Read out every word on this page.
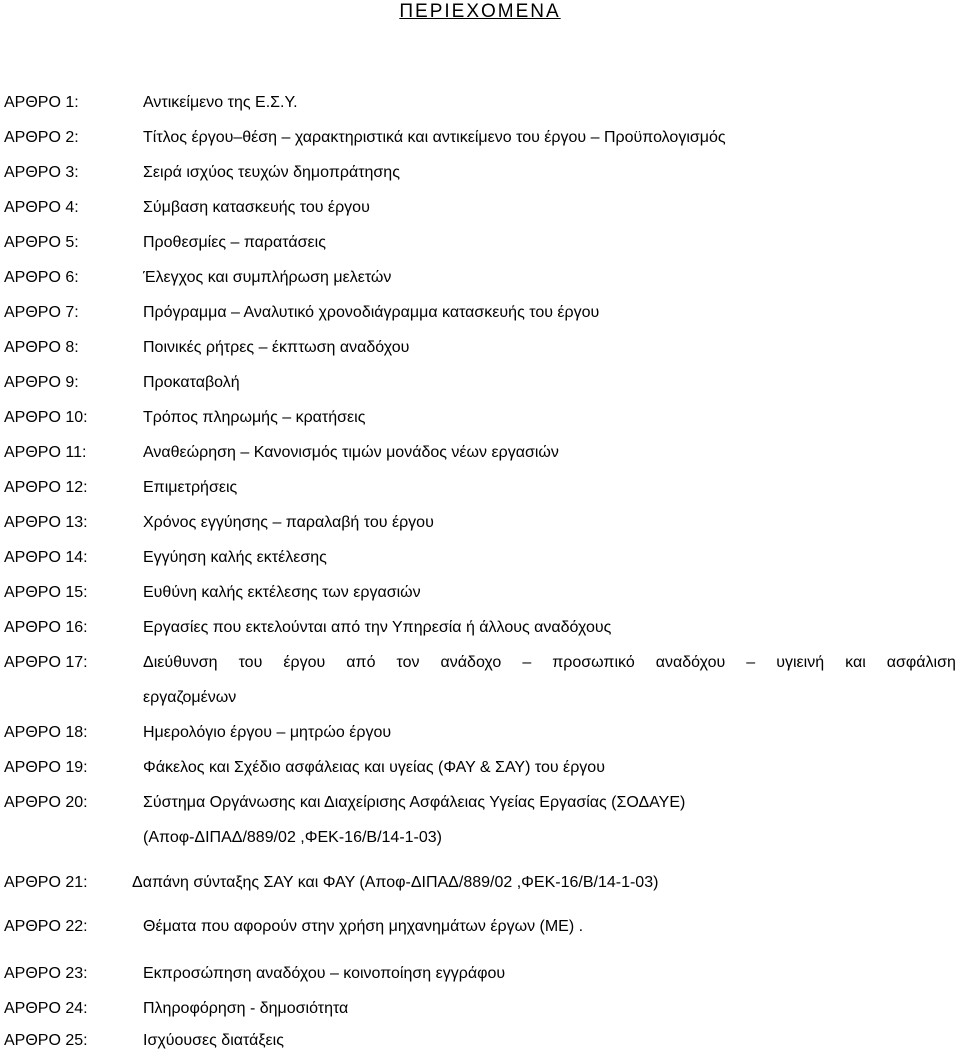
ΠΕΡΙΕΧΟΜΕΝΑ
ΑΡΘΡΟ 1:	Αντικείμενο της Ε.Σ.Υ.
ΑΡΘΡΟ 2:	Τίτλος έργου–θέση – χαρακτηριστικά και αντικείμενο του έργου – Προϋπολογισμός
ΑΡΘΡΟ 3:	Σειρά ισχύος τευχών δημοπράτησης
ΑΡΘΡΟ 4:	Σύμβαση κατασκευής του έργου
ΑΡΘΡΟ 5:	Προθεσμίες – παρατάσεις
ΑΡΘΡΟ 6:	Έλεγχος και συμπλήρωση μελετών
ΑΡΘΡΟ 7:	Πρόγραμμα – Αναλυτικό χρονοδιάγραμμα κατασκευής του έργου
ΑΡΘΡΟ 8:	Ποινικές ρήτρες – έκπτωση αναδόχου
ΑΡΘΡΟ 9:	Προκαταβολή
ΑΡΘΡΟ 10:	Τρόπος πληρωμής – κρατήσεις
ΑΡΘΡΟ 11:	Αναθεώρηση – Κανονισμός τιμών μονάδος νέων εργασιών
ΑΡΘΡΟ 12:	Επιμετρήσεις
ΑΡΘΡΟ 13:	Χρόνος εγγύησης – παραλαβή του έργου
ΑΡΘΡΟ 14:	Εγγύηση καλής εκτέλεσης
ΑΡΘΡΟ 15:	Ευθύνη καλής εκτέλεσης των εργασιών
ΑΡΘΡΟ 16:	Εργασίες που εκτελούνται από την Υπηρεσία ή άλλους αναδόχους
ΑΡΘΡΟ 17:	Διεύθυνση του έργου από τον ανάδοχο – προσωπικό αναδόχου – υγιεινή και ασφάλιση
εργαζομένων
ΑΡΘΡΟ 18:	Ημερολόγιο έργου – μητρώο έργου
ΑΡΘΡΟ 19:	Φάκελος και Σχέδιο ασφάλειας και υγείας (ΦΑΥ & ΣΑΥ) του έργου
ΑΡΘΡΟ 20:	Σύστημα Οργάνωσης και Διαχείρισης Ασφάλειας Υγείας Εργασίας (ΣΟΔΑΥΕ)
(Αποφ-ΔΙΠΑΔ/889/02 ,ΦΕΚ-16/Β/14-1-03)
ΑΡΘΡΟ 21:	Δαπάνη σύνταξης ΣΑΥ και ΦΑΥ (Αποφ-ΔΙΠΑΔ/889/02 ,ΦΕΚ-16/Β/14-1-03)
ΑΡΘΡΟ 22:	Θέματα που αφορούν στην χρήση μηχανημάτων έργων (ΜΕ) .
ΑΡΘΡΟ 23:	Εκπροσώπηση αναδόχου – κοινοποίηση εγγράφου
ΑΡΘΡΟ 24:	Πληροφόρηση - δημοσιότητα
ΑΡΘΡΟ 25:	Ισχύουσες διατάξεις
